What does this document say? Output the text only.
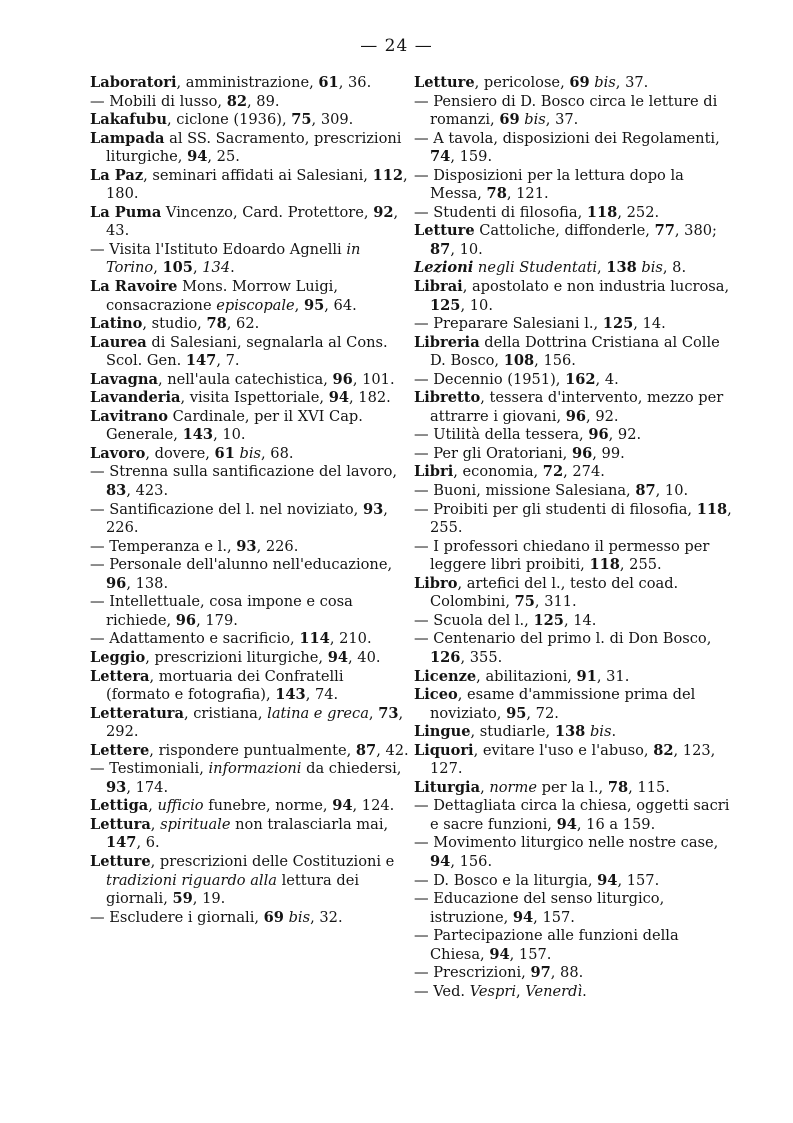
— 24 —

Laboratori, amministrazione, 61, 36.

— Mobili di lusso, 82, 89.

Lakafubu, ciclone (1936), 75, 309.

Lampada al SS. Sacramento, prescrizioni liturgiche, 94, 25.

La Paz, seminari affidati ai Salesiani, 112, 180.

La Puma Vincenzo, Card. Protettore, 92, 43.

— Visita l'Istituto Edoardo Agnelli in Torino, 105, 134.

La Ravoire Mons. Morrow Luigi, consacrazione episcopale, 95, 64.

Latino, studio, 78, 62.

Laurea di Salesiani, segnalarla al Cons. Scol. Gen. 147, 7.

Lavagna, nell'aula catechistica, 96, 101.

Lavanderia, visita Ispettoriale, 94, 182.

Lavitrano Cardinale, per il XVI Cap. Generale, 143, 10.

Lavoro, dovere, 61 bis, 68.

— Strenna sulla santificazione del lavoro, 83, 423.

— Santificazione del l. nel noviziato, 93, 226.

— Temperanza e l., 93, 226.

— Personale dell'alunno nell'educazione, 96, 138.

— Intellettuale, cosa impone e cosa richiede, 96, 179.

— Adattamento e sacrificio, 114, 210.

Leggio, prescrizioni liturgiche, 94, 40.

Lettera, mortuaria dei Confratelli (formato e fotografia), 143, 74.

Letteratura, cristiana, latina e greca, 73, 292.

Lettere, rispondere puntualmente, 87, 42.

— Testimoniali, informazioni da chiedersi, 93, 174.

Lettiga, ufficio funebre, norme, 94, 124.

Lettura, spirituale non tralasciarla mai, 147, 6.

Letture, prescrizioni delle Costituzioni e tradizioni riguardo alla lettura dei giornali, 59, 19.

— Escludere i giornali, 69 bis, 32.

Letture, pericolose, 69 bis, 37.

— Pensiero di D. Bosco circa le letture di romanzi, 69 bis, 37.

— A tavola, disposizioni dei Regolamenti, 74, 159.

— Disposizioni per la lettura dopo la Messa, 78, 121.

— Studenti di filosofia, 118, 252.

Letture Cattoliche, diffonderle, 77, 380; 87, 10.

Lezioni negli Studentati, 138 bis, 8.

Librai, apostolato e non industria lucrosa, 125, 10.

— Preparare Salesiani l., 125, 14.

Libreria della Dottrina Cristiana al Colle D. Bosco, 108, 156.

— Decennio (1951), 162, 4.

Libretto, tessera d'intervento, mezzo per attrarre i giovani, 96, 92.

— Utilità della tessera, 96, 92.

— Per gli Oratoriani, 96, 99.

Libri, economia, 72, 274.

— Buoni, missione Salesiana, 87, 10.

— Proibiti per gli studenti di filosofia, 118, 255.

— I professori chiedano il permesso per leggere libri proibiti, 118, 255.

Libro, artefici del l., testo del coad. Colombini, 75, 311.

— Scuola del l., 125, 14.

— Centenario del primo l. di Don Bosco, 126, 355.

Licenze, abilitazioni, 91, 31.

Liceo, esame d'ammissione prima del noviziato, 95, 72.

Lingue, studiarle, 138 bis.

Liquori, evitare l'uso e l'abuso, 82, 123, 127.

Liturgia, norme per la l., 78, 115.

— Dettagliata circa la chiesa, oggetti sacri e sacre funzioni, 94, 16 a 159.

— Movimento liturgico nelle nostre case, 94, 156.

— D. Bosco e la liturgia, 94, 157.

— Educazione del senso liturgico, istruzione, 94, 157.

— Partecipazione alle funzioni della Chiesa, 94, 157.

— Prescrizioni, 97, 88.

— Ved. Vespri, Venerdì.
